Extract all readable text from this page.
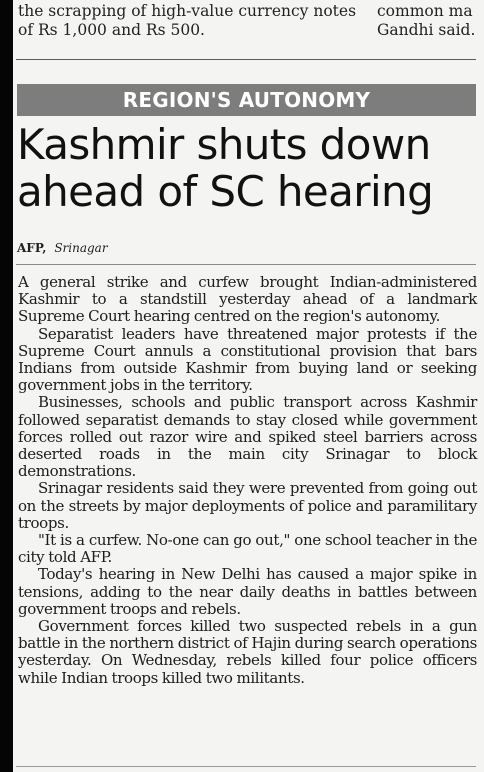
the scrapping of high-value currency notes
of Rs 1,000 and Rs 500.
common ma
Gandhi said.
REGION'S AUTONOMY
Kashmir shuts down
ahead of SC hearing
AFP, Srinagar

A general strike and curfew brought Indian-administered Kashmir to a standstill yesterday ahead of a landmark Supreme Court hearing centred on the region's autonomy.

Separatist leaders have threatened major protests if the Supreme Court annuls a constitutional provision that bars Indians from outside Kashmir from buying land or seeking government jobs in the territory.

Businesses, schools and public transport across Kashmir followed separatist demands to stay closed while government forces rolled out razor wire and spiked steel barriers across deserted roads in the main city Srinagar to block demonstrations.

Srinagar residents said they were prevented from going out on the streets by major deployments of police and paramilitary troops.

"It is a curfew. No-one can go out," one school teacher in the city told AFP.

Today's hearing in New Delhi has caused a major spike in tensions, adding to the near daily deaths in battles between government troops and rebels.

Government forces killed two suspected rebels in a gun battle in the northern district of Hajin during search operations yesterday. On Wednesday, rebels killed four police officers while Indian troops killed two militants.
